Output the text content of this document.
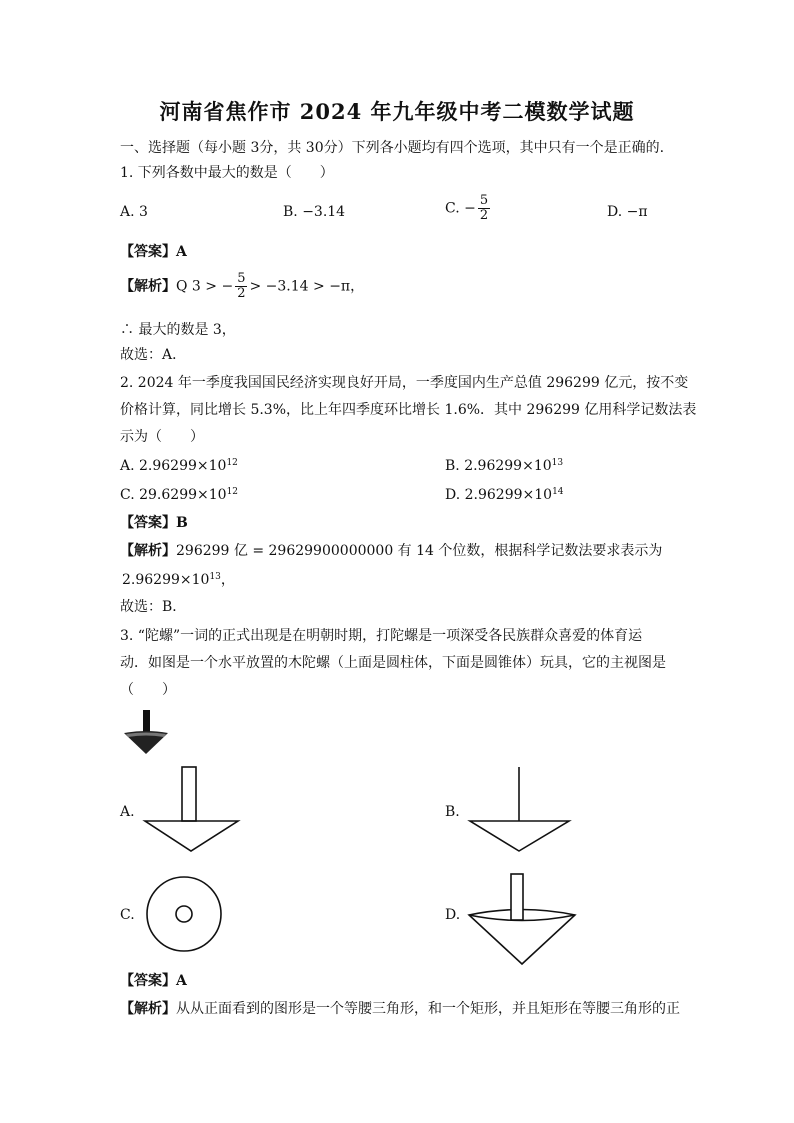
河南省焦作市 2024 年九年级中考二模数学试题
一、选择题（每小题 3分，共 30分）下列各小题均有四个选项，其中只有一个是正确的.
1. 下列各数中最大的数是（　　）
A. 3	B. −3.14	C. − $\frac{5}{2}$	D. −π
【答案】A
【解析】Q 3 > − $\frac{5}{2} > -3.14 > -\pi$，
∴ 最大的数是 3，
故选：A．
2. 2024 年一季度我国国民经济实现良好开局，一季度国内生产总值 296299 亿元，按不变
价格计算，同比增长 5.3%，比上年四季度环比增长 1.6%．其中 296299 亿用科学记数法表
示为（　　）
A. $2.96299\times 10^{12}$	B. $2.96299\times 10^{13}$
C. $29.6299\times 10^{12}$	D. $2.96299\times 10^{14}$
【答案】B
【解析】296299 亿 = 29629900000000 有 14 个位数，根据科学记数法要求表示为
$2.96299\times 10^{13}$，
故选：B．
3. “陀螺”一词的正式出现是在明朝时期，打陀螺是一项深受各民族群众喜爱的体育运
动．如图是一个水平放置的木陀螺（上面是圆柱体，下面是圆锥体）玩具，它的主视图是
（　　）
A.	B.
C.	D.
【答案】A
【解析】从从正面看到的图形是一个等腰三角形，和一个矩形，并且矩形在等腰三角形的正
